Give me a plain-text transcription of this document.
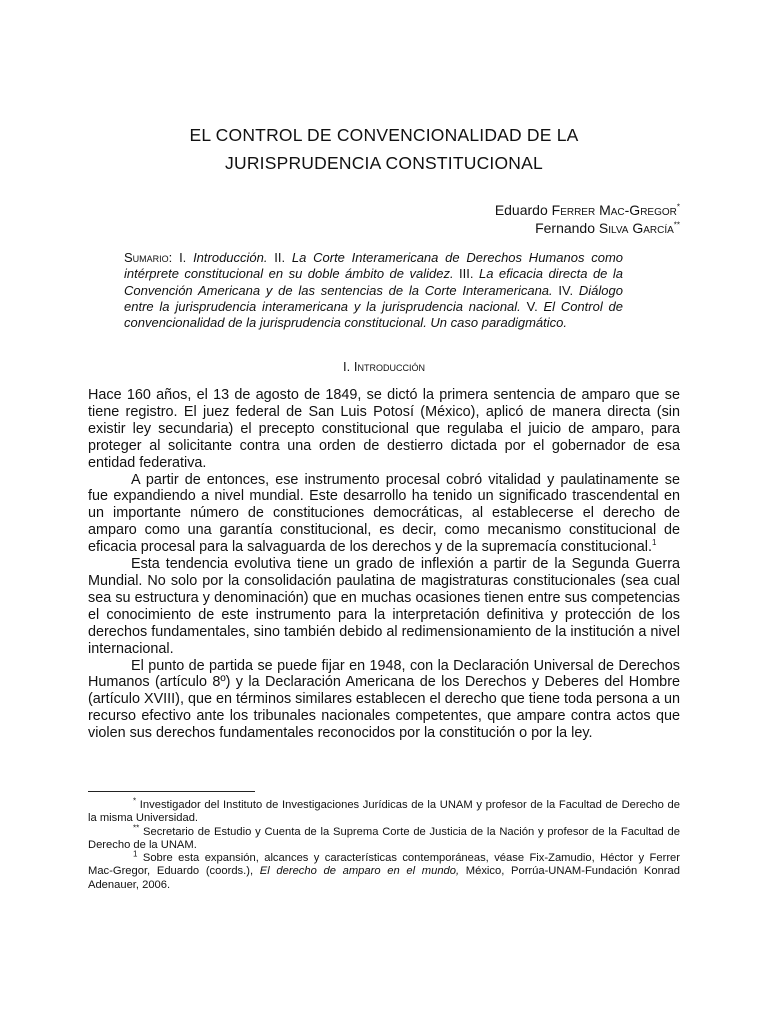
EL CONTROL DE CONVENCIONALIDAD DE LA
JURISPRUDENCIA CONSTITUCIONAL
Eduardo Ferrer Mac-Gregor*
Fernando Silva García**
Sumario: I. Introducción. II. La Corte Interamericana de Derechos Humanos como intérprete constitucional en su doble ámbito de validez. III. La eficacia directa de la Convención Americana y de las sentencias de la Corte Interamericana. IV. Diálogo entre la jurisprudencia interamericana y la jurisprudencia nacional. V. El Control de convencionalidad de la jurisprudencia constitucional. Un caso paradigmático.
I. Introducción

Hace 160 años, el 13 de agosto de 1849, se dictó la primera sentencia de amparo que se tiene registro. El juez federal de San Luis Potosí (México), aplicó de manera directa (sin existir ley secundaria) el precepto constitucional que regulaba el juicio de amparo, para proteger al solicitante contra una orden de destierro dictada por el gobernador de esa entidad federativa.

A partir de entonces, ese instrumento procesal cobró vitalidad y paulatinamente se fue expandiendo a nivel mundial. Este desarrollo ha tenido un significado trascendental en un importante número de constituciones democráticas, al establecerse el derecho de amparo como una garantía constitucional, es decir, como mecanismo constitucional de eficacia procesal para la salvaguarda de los derechos y de la supremacía constitucional.$^1$

Esta tendencia evolutiva tiene un grado de inflexión a partir de la Segunda Guerra Mundial. No solo por la consolidación paulatina de magistraturas constitucionales (sea cual sea su estructura y denominación) que en muchas ocasiones tienen entre sus competencias el conocimiento de este instrumento para la interpretación definitiva y protección de los derechos fundamentales, sino también debido al redimensionamiento de la institución a nivel internacional.

El punto de partida se puede fijar en 1948, con la Declaración Universal de Derechos Humanos (artículo 8º) y la Declaración Americana de los Derechos y Deberes del Hombre (artículo XVIII), que en términos similares establecen el derecho que tiene toda persona a un recurso efectivo ante los tribunales nacionales competentes, que ampare contra actos que violen sus derechos fundamentales reconocidos por la constitución o por la ley.

* Investigador del Instituto de Investigaciones Jurídicas de la UNAM y profesor de la Facultad de Derecho de la misma Universidad.

** Secretario de Estudio y Cuenta de la Suprema Corte de Justicia de la Nación y profesor de la Facultad de Derecho de la UNAM.

$^1$ Sobre esta expansión, alcances y características contemporáneas, véase Fix-Zamudio, Héctor y Ferrer Mac-Gregor, Eduardo (coords.), El derecho de amparo en el mundo, México, Porrúa-UNAM-Fundación Konrad Adenauer, 2006.
